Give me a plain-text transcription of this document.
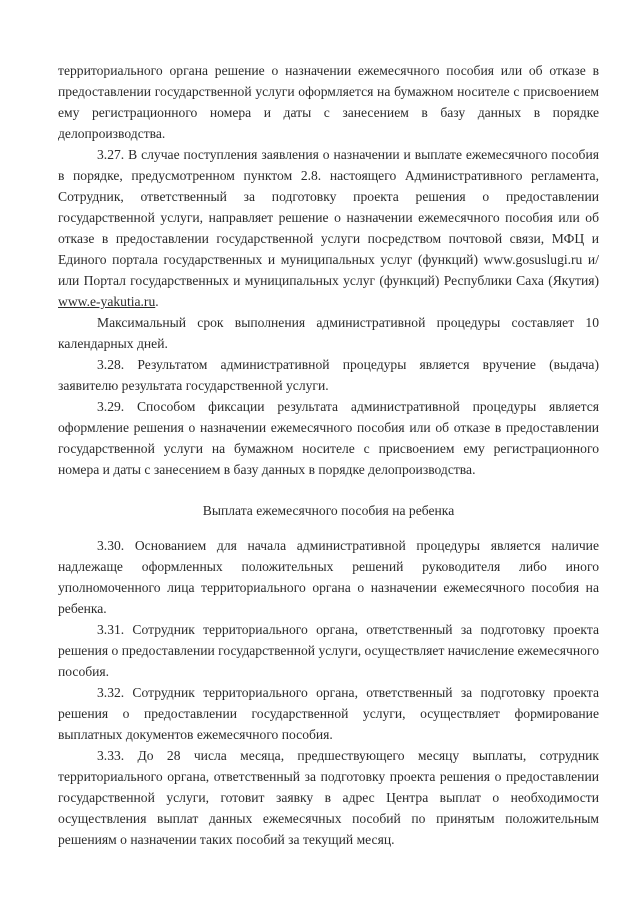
территориального органа решение о назначении ежемесячного пособия или об отказе в предоставлении государственной услуги оформляется на бумажном носителе с присвоением ему регистрационного номера и даты с занесением в базу данных в порядке делопроизводства.

3.27. В случае поступления заявления о назначении и выплате ежемесячного пособия в порядке, предусмотренном пунктом 2.8. настоящего Административного регламента, Сотрудник, ответственный за подготовку проекта решения о предоставлении государственной услуги, направляет решение о назначении ежемесячного пособия или об отказе в предоставлении государственной услуги посредством почтовой связи, МФЦ и Единого портала государственных и муниципальных услуг (функций) www.gosuslugi.ru и/или Портал государственных и муниципальных услуг (функций) Республики Саха (Якутия) www.e-yakutia.ru.

Максимальный срок выполнения административной процедуры составляет 10 календарных дней.

3.28. Результатом административной процедуры является вручение (выдача) заявителю результата государственной услуги.

3.29. Способом фиксации результата административной процедуры является оформление решения о назначении ежемесячного пособия или об отказе в предоставлении государственной услуги на бумажном носителе с присвоением ему регистрационного номера и даты с занесением в базу данных в порядке делопроизводства.

Выплата ежемесячного пособия на ребенка

3.30. Основанием для начала административной процедуры является наличие надлежаще оформленных положительных решений руководителя либо иного уполномоченного лица территориального органа о назначении ежемесячного пособия на ребенка.

3.31. Сотрудник территориального органа, ответственный за подготовку проекта решения о предоставлении государственной услуги, осуществляет начисление ежемесячного пособия.

3.32. Сотрудник территориального органа, ответственный за подготовку проекта решения о предоставлении государственной услуги, осуществляет формирование выплатных документов ежемесячного пособия.

3.33. До 28 числа месяца, предшествующего месяцу выплаты, сотрудник территориального органа, ответственный за подготовку проекта решения о предоставлении государственной услуги, готовит заявку в адрес Центра выплат о необходимости осуществления выплат данных ежемесячных пособий по принятым положительным решениям о назначении таких пособий за текущий месяц.
